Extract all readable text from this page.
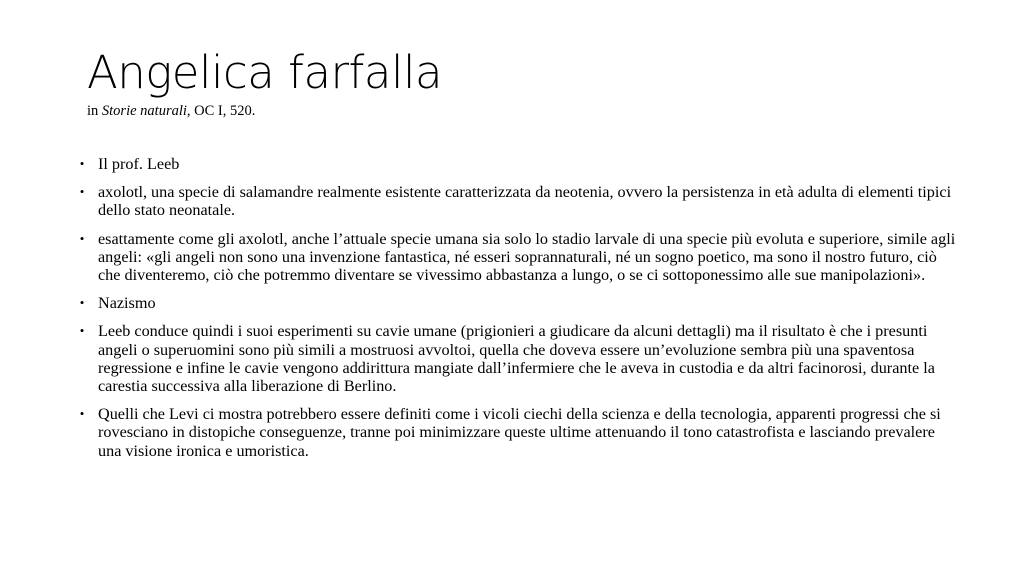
Angelica farfalla
in Storie naturali, OC I, 520.
• Il prof. Leeb
• axolotl, una specie di salamandre realmente esistente caratterizzata da neotenia, ovvero la persistenza in età adulta di elementi tipici dello stato neonatale.
• esattamente come gli axolotl, anche l’attuale specie umana sia solo lo stadio larvale di una specie più evoluta e superiore, simile agli angeli: «gli angeli non sono una invenzione fantastica, né esseri soprannaturali, né un sogno poetico, ma sono il nostro futuro, ciò che diventeremo, ciò che potremmo diventare se vivessimo abbastanza a lungo, o se ci sottoponessimo alle sue manipolazioni».
• Nazismo
• Leeb conduce quindi i suoi esperimenti su cavie umane (prigionieri a giudicare da alcuni dettagli) ma il risultato è che i presunti angeli o superuomini sono più simili a mostruosi avvoltoi, quella che doveva essere un’evoluzione sembra più una spaventosa regressione e infine le cavie vengono addirittura mangiate dall’infermiere che le aveva in custodia e da altri facinorosi, durante la carestia successiva alla liberazione di Berlino.
• Quelli che Levi ci mostra potrebbero essere definiti come i vicoli ciechi della scienza e della tecnologia, apparenti progressi che si rovesciano in distopiche conseguenze, tranne poi minimizzare queste ultime attenuando il tono catastrofista e lasciando prevalere una visione ironica e umoristica.
